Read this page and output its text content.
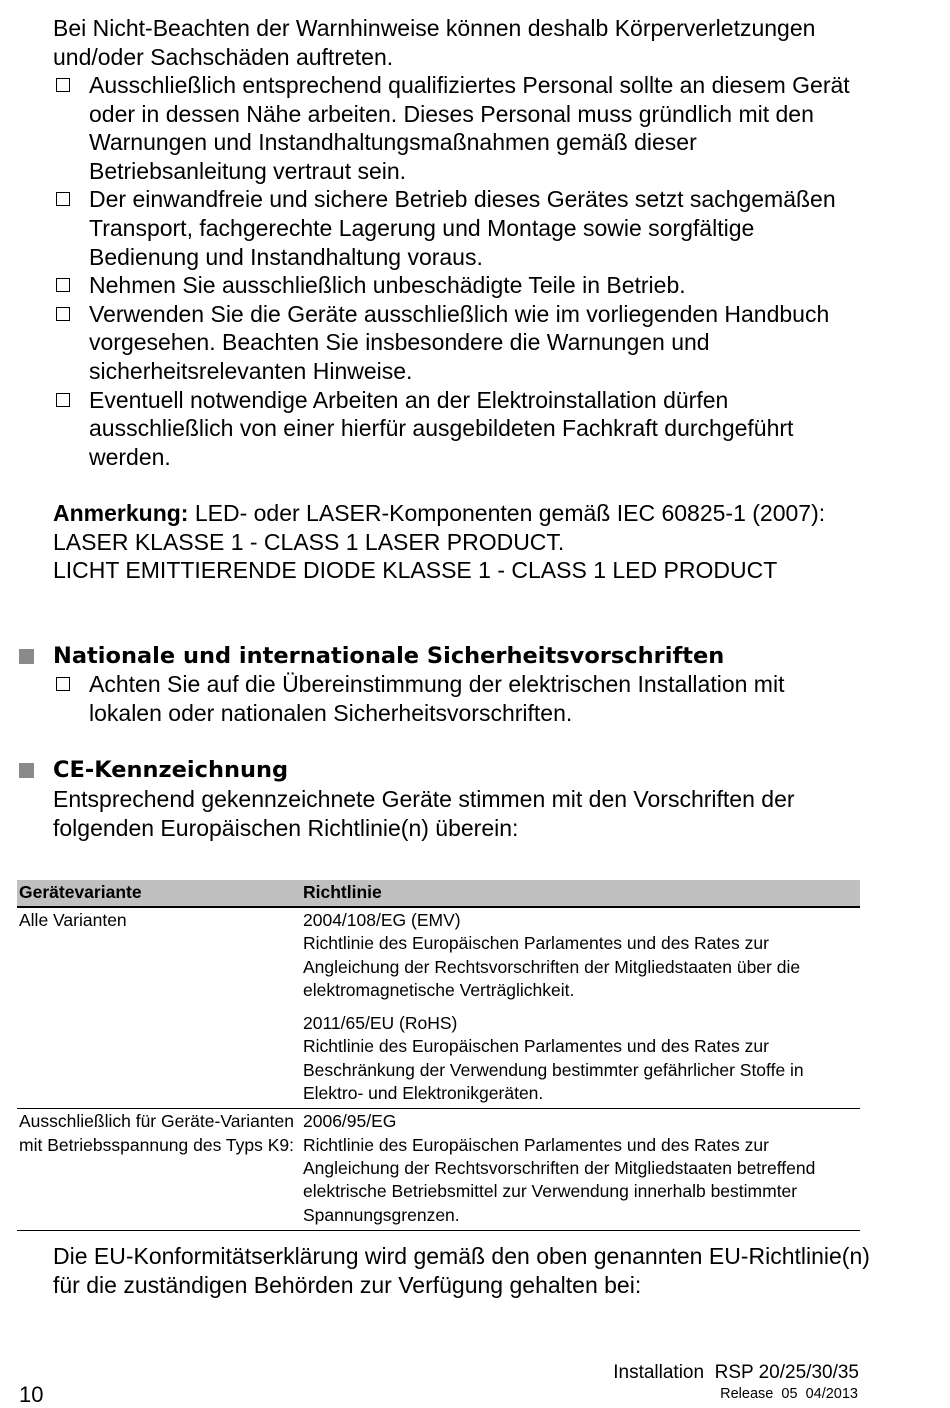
Bei Nicht-Beachten der Warnhinweise können deshalb Körperverletzungen und/oder Sachschäden auftreten.
Ausschließlich entsprechend qualifiziertes Personal sollte an diesem Gerät oder in dessen Nähe arbeiten. Dieses Personal muss gründlich mit den Warnungen und Instandhaltungsmaßnahmen gemäß dieser Betriebsanleitung vertraut sein.
Der einwandfreie und sichere Betrieb dieses Gerätes setzt sachgemäßen Transport, fachgerechte Lagerung und Montage sowie sorgfältige Bedienung und Instandhaltung voraus.
Nehmen Sie ausschließlich unbeschädigte Teile in Betrieb.
Verwenden Sie die Geräte ausschließlich wie im vorliegenden Handbuch vorgesehen. Beachten Sie insbesondere die Warnungen und sicherheitsrelevanten Hinweise.
Eventuell notwendige Arbeiten an der Elektroinstallation dürfen ausschließlich von einer hierfür ausgebildeten Fachkraft durchgeführt werden.
Anmerkung: LED- oder LASER-Komponenten gemäß IEC 60825-1 (2007):
LASER KLASSE 1 - CLASS 1 LASER PRODUCT.
LICHT EMITTIERENDE DIODE KLASSE 1 - CLASS 1 LED PRODUCT
Nationale und internationale Sicherheitsvorschriften
Achten Sie auf die Übereinstimmung der elektrischen Installation mit lokalen oder nationalen Sicherheitsvorschriften.
CE-Kennzeichnung
Entsprechend gekennzeichnete Geräte stimmen mit den Vorschriften der folgenden Europäischen Richtlinie(n) überein:
Gerätevariante	Richtlinie
Alle Varianten	2004/108/EG (EMV)
Richtlinie des Europäischen Parlamentes und des Rates zur Angleichung der Rechtsvorschriften der Mitgliedstaaten über die elektromagnetische Verträglichkeit.
2011/65/EU (RoHS)
Richtlinie des Europäischen Parlamentes und des Rates zur Beschränkung der Verwendung bestimmter gefährlicher Stoffe in Elektro- und Elektronikgeräten.

Ausschließlich für Geräte-Varianten mit Betriebsspannung des Typs K9:	2006/95/EG
Richtlinie des Europäischen Parlamentes und des Rates zur Angleichung der Rechtsvorschriften der Mitgliedstaaten betreffend elektrische Betriebsmittel zur Verwendung innerhalb bestimmter Spannungsgrenzen.
Die EU-Konformitätserklärung wird gemäß den oben genannten EU-Richtlinie(n) für die zuständigen Behörden zur Verfügung gehalten bei:
10
Installation  RSP 20/25/30/35
Release  05  04/2013
